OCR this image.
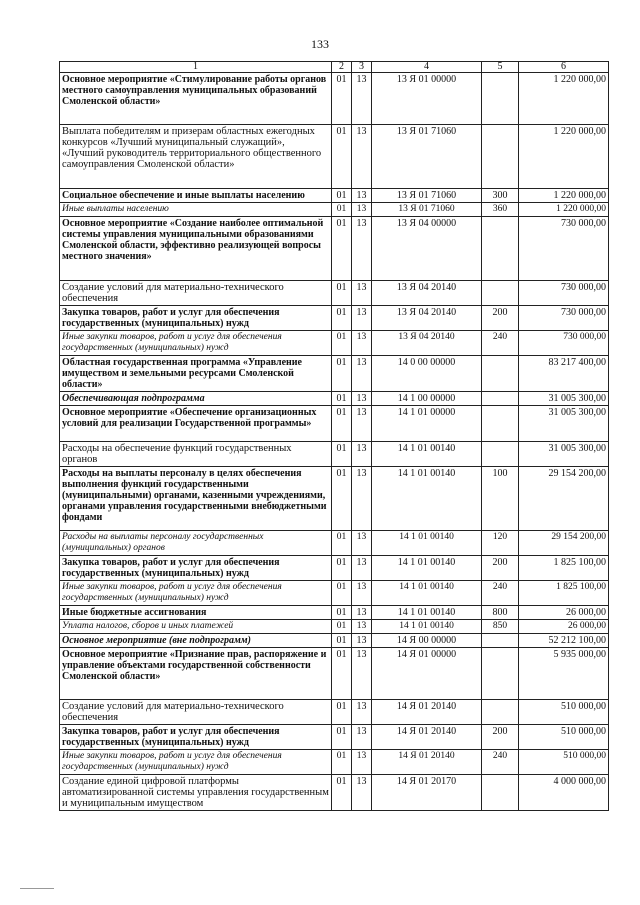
133
1	2	3	4	5	6
Основное мероприятие «Стимулирование работы органов местного самоуправления муниципальных образований Смоленской области»	01	13	13 Я 01 00000		1 220 000,00
Выплата победителям и призерам областных ежегодных конкурсов «Лучший муниципальный служащий», «Лучший руководитель территориального общественного самоуправления Смоленской области»	01	13	13 Я 01 71060		1 220 000,00
Социальное обеспечение и иные выплаты населению	01	13	13 Я 01 71060	300	1 220 000,00
Иные выплаты населению	01	13	13 Я 01 71060	360	1 220 000,00
Основное мероприятие «Создание наиболее оптимальной системы управления муниципальными образованиями Смоленской области, эффективно реализующей вопросы местного значения»	01	13	13 Я 04 00000		730 000,00
Создание условий для материально-технического обеспечения	01	13	13 Я 04 20140		730 000,00
Закупка товаров, работ и услуг для обеспечения государственных (муниципальных) нужд	01	13	13 Я 04 20140	200	730 000,00
Иные закупки товаров, работ и услуг для обеспечения государственных (муниципальных) нужд	01	13	13 Я 04 20140	240	730 000,00
Областная государственная программа «Управление имуществом и земельными ресурсами Смоленской области»	01	13	14 0 00 00000		83 217 400,00
Обеспечивающая подпрограмма	01	13	14 1 00 00000		31 005 300,00
Основное мероприятие «Обеспечение организационных условий для реализации Государственной программы»	01	13	14 1 01 00000		31 005 300,00
Расходы на обеспечение функций государственных органов	01	13	14 1 01 00140		31 005 300,00
Расходы на выплаты персоналу в целях обеспечения выполнения функций государственными (муниципальными) органами, казенными учреждениями, органами управления государственными внебюджетными фондами	01	13	14 1 01 00140	100	29 154 200,00
Расходы на выплаты персоналу государственных (муниципальных) органов	01	13	14 1 01 00140	120	29 154 200,00
Закупка товаров, работ и услуг для обеспечения государственных (муниципальных) нужд	01	13	14 1 01 00140	200	1 825 100,00
Иные закупки товаров, работ и услуг для обеспечения государственных (муниципальных) нужд	01	13	14 1 01 00140	240	1 825 100,00
Иные бюджетные ассигнования	01	13	14 1 01 00140	800	26 000,00
Уплата налогов, сборов и иных платежей	01	13	14 1 01 00140	850	26 000,00
Основное мероприятие (вне подпрограмм)	01	13	14 Я 00 00000		52 212 100,00
Основное мероприятие «Признание прав, распоряжение и управление объектами государственной собственности Смоленской области»	01	13	14 Я 01 00000		5 935 000,00
Создание условий для материально-технического обеспечения	01	13	14 Я 01 20140		510 000,00
Закупка товаров, работ и услуг для обеспечения государственных (муниципальных) нужд	01	13	14 Я 01 20140	200	510 000,00
Иные закупки товаров, работ и услуг для обеспечения государственных (муниципальных) нужд	01	13	14 Я 01 20140	240	510 000,00
Создание единой цифровой платформы автоматизированной системы управления государственным и муниципальным имуществом	01	13	14 Я 01 20170		4 000 000,00
